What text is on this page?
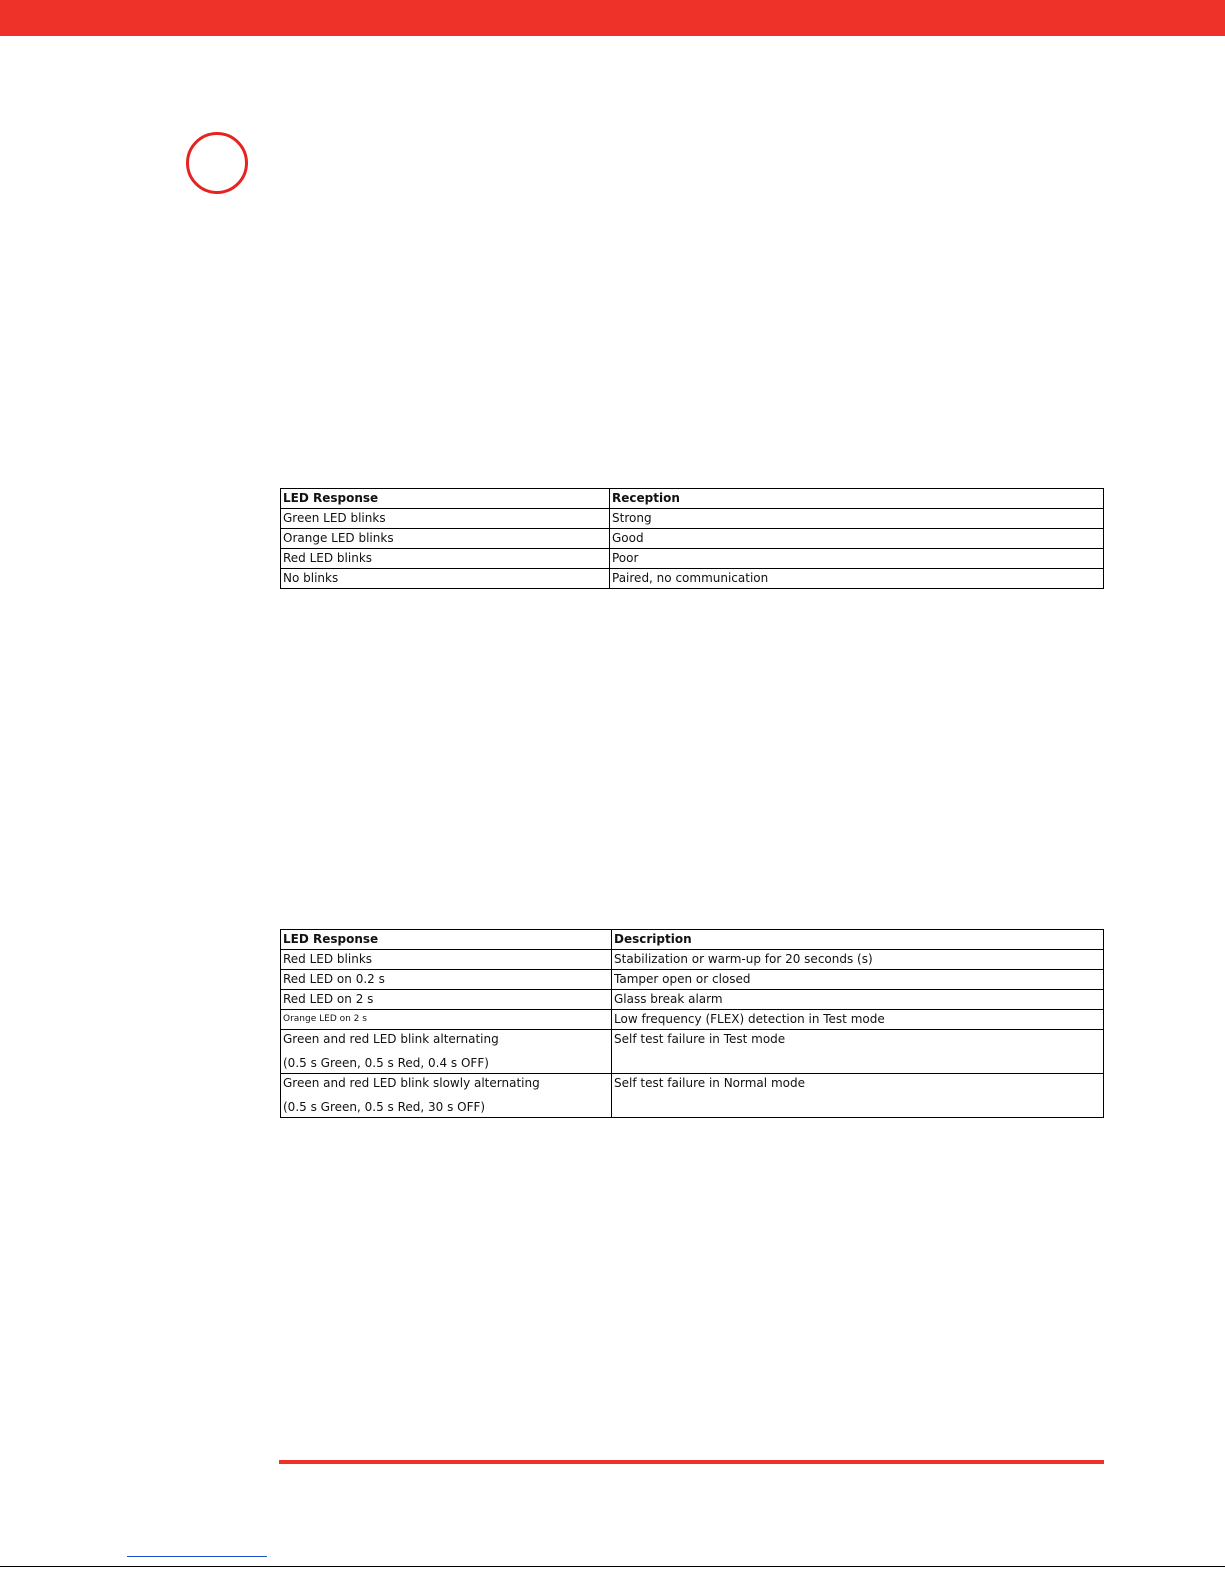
LED Response	Reception
Green LED blinks	Strong
Orange LED blinks	Good
Red LED blinks	Poor
No blinks	Paired, no communication
LED Response	Description
Red LED blinks	Stabilization or warm-up for 20 seconds (s)
Red LED on 0.2 s	Tamper open or closed
Red LED on 2 s	Glass break alarm
Orange LED on 2 s	Low frequency (FLEX) detection in Test mode
Green and red LED blink alternating
(0.5 s Green, 0.5 s Red, 0.4 s OFF)	Self test failure in Test mode
Green and red LED blink slowly alternating
(0.5 s Green, 0.5 s Red, 30 s OFF)	Self test failure in Normal mode
